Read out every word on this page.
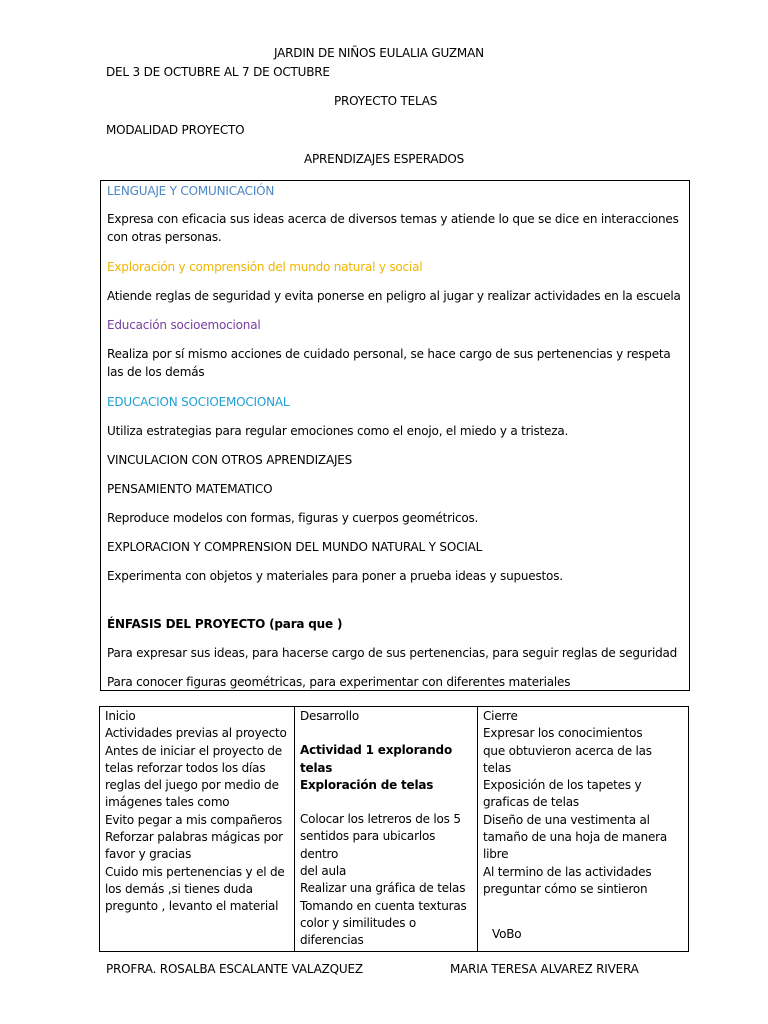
JARDIN DE NIÑOS EULALIA GUZMAN
DEL 3 DE OCTUBRE AL 7 DE OCTUBRE
PROYECTO TELAS
MODALIDAD PROYECTO
APRENDIZAJES ESPERADOS
LENGUAJE Y COMUNICACIÓN
Expresa con eficacia sus ideas acerca de diversos temas y atiende lo que se dice en interacciones con otras personas.
Exploración y comprensión del mundo natural y social
Atiende reglas de seguridad y evita ponerse en peligro al jugar y realizar actividades en la escuela
Educación socioemocional
Realiza por sí mismo acciones de cuidado personal, se hace cargo de sus pertenencias y respeta las de los demás
EDUCACION SOCIOEMOCIONAL
Utiliza estrategias para regular emociones como el enojo, el miedo y a tristeza.
VINCULACION CON OTROS APRENDIZAJES
PENSAMIENTO MATEMATICO
Reproduce modelos con formas, figuras y cuerpos geométricos.
EXPLORACION Y COMPRENSION DEL MUNDO NATURAL Y SOCIAL
Experimenta con objetos y materiales para poner a prueba ideas y supuestos.
ÉNFASIS DEL PROYECTO (para que )
Para expresar sus ideas, para hacerse cargo de sus pertenencias, para seguir reglas de seguridad
Para conocer figuras geométricas, para experimentar con diferentes materiales
Inicio
Actividades previas al proyecto
Antes de iniciar el proyecto de
telas reforzar todos los días
reglas del juego por medio de
imágenes tales como
Evito pegar a mis compañeros
Reforzar palabras mágicas por
favor y gracias
Cuido mis pertenencias y el de
los demás ,si tienes duda
pregunto , levanto el material

Desarrollo
Actividad 1 explorando telas
Exploración de telas
Colocar los letreros de los 5
sentidos para ubicarlos dentro
del aula
Realizar una gráfica de telas
Tomando en cuenta texturas
color y similitudes o
diferencias

Cierre
Expresar los conocimientos
que obtuvieron acerca de las
telas
Exposición de los tapetes y
graficas de telas
Diseño de una vestimenta al
tamaño de una hoja de manera
libre
Al termino de las actividades
preguntar cómo se sintieron
VoBo
PROFRA. ROSALBA ESCALANTE VALAZQUEZ	MARIA TERESA ALVAREZ RIVERA
